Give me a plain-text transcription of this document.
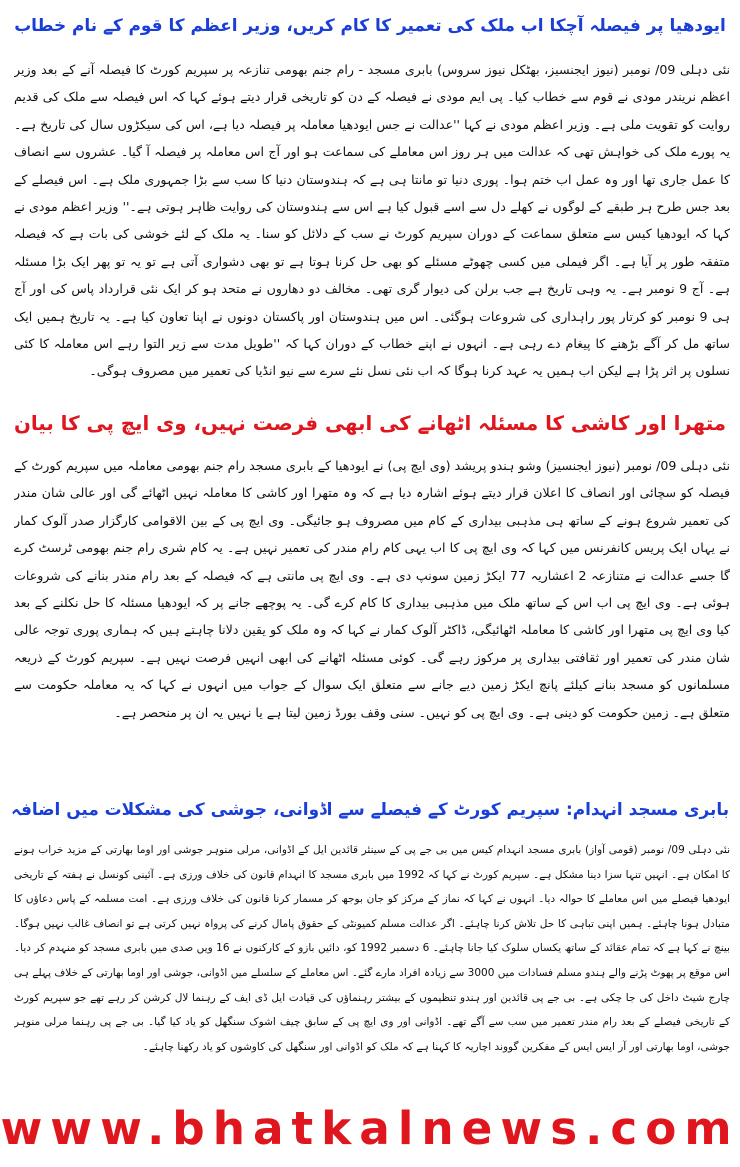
ایودھیا پر فیصلہ آچکا اب ملک کی تعمیر کا کام کریں، وزیر اعظم کا قوم کے نام خطاب

نئی دہلی 09/ نومبر (نیوز ایجنسیز، بھٹکل نیوز سروس) بابری مسجد - رام جنم بھومی تنازعہ پر سپریم کورٹ کا فیصلہ آنے کے بعد وزیر اعظم نریندر مودی نے قوم سے خطاب کیا۔ پی ایم مودی نے فیصلہ کے دن کو تاریخی قرار دیتے ہوئے کہا کہ اس فیصلہ سے ملک کی قدیم روایت کو تقویت ملی ہے۔ وزیر اعظم مودی نے کہا ''عدالت نے جس ایودھیا معاملہ پر فیصلہ دیا ہے، اس کی سیکڑوں سال کی تاریخ ہے۔ یہ پورے ملک کی خواہش تھی کہ عدالت میں ہر روز اس معاملے کی سماعت ہو اور آج اس معاملہ پر فیصلہ آ گیا۔ عشروں سے انصاف کا عمل جاری تھا اور وہ عمل اب ختم ہوا۔ پوری دنیا تو مانتا ہی ہے کہ ہندوستان دنیا کا سب سے بڑا جمہوری ملک ہے۔ اس فیصلے کے بعد جس طرح ہر طبقے کے لوگوں نے کھلے دل سے اسے قبول کیا ہے اس سے ہندوستان کی روایت ظاہر ہوتی ہے۔'' وزیر اعظم مودی نے کہا کہ ایودھیا کیس سے متعلق سماعت کے دوران سپریم کورٹ نے سب کے دلائل کو سنا۔ یہ ملک کے لئے خوشی کی بات ہے کہ فیصلہ متفقہ طور پر آیا ہے۔ اگر فیملی میں کسی چھوٹے مسئلے کو بھی حل کرنا ہوتا ہے تو بھی دشواری آتی ہے تو یہ تو پھر ایک بڑا مسئلہ ہے۔ آج 9 نومبر ہے۔ یہ وہی تاریخ ہے جب برلن کی دیوار گری تھی۔ مخالف دو دھاروں نے متحد ہو کر ایک نئی قرارداد پاس کی اور آج ہی 9 نومبر کو کرتار پور راہداری کی شروعات ہوگئی۔ اس میں ہندوستان اور پاکستان دونوں نے اپنا تعاون کیا ہے۔ یہ تاریخ ہمیں ایک ساتھ مل کر آگے بڑھنے کا پیغام دے رہی ہے۔ انہوں نے اپنے خطاب کے دوران کہا کہ ''طویل مدت سے زیر التوا رہے اس معاملہ کا کئی نسلوں پر اثر پڑا ہے لیکن اب ہمیں یہ عہد کرنا ہوگا کہ اب نئی نسل نئے سرے سے نیو انڈیا کی تعمیر میں مصروف ہوگی۔

متھرا اور کاشی کا مسئلہ اٹھانے کی ابھی فرصت نہیں، وی ایچ پی کا بیان

نئی دہلی 09/ نومبر (نیوز ایجنسیز) وشو ہندو پریشد (وی ایچ پی) نے ایودھیا کے بابری مسجد رام جنم بھومی معاملہ میں سپریم کورٹ کے فیصلہ کو سچائی اور انصاف کا اعلان قرار دیتے ہوئے اشارہ دیا ہے کہ وہ متھرا اور کاشی کا معاملہ نہیں اٹھائے گی اور عالی شان مندر کی تعمیر شروع ہونے کے ساتھ ہی مذہبی بیداری کے کام میں مصروف ہو جائیگی۔ وی ایچ پی کے بین الاقوامی کارگزار صدر آلوک کمار نے یہاں ایک پریس کانفرنس میں کہا کہ وی ایچ پی کا اب یہی کام رام مندر کی تعمیر نہیں ہے۔ یہ کام شری رام جنم بھومی ٹرسٹ کرے گا جسے عدالت نے متنازعہ 2 اعشاریہ 77 ایکڑ زمین سونپ دی ہے۔ وی ایچ پی مانتی ہے کہ فیصلہ کے بعد رام مندر بنانے کی شروعات ہوئی ہے۔ وی ایچ پی اب اس کے ساتھ ملک میں مذہبی بیداری کا کام کرے گی۔ یہ پوچھے جانے پر کہ ایودھیا مسئلہ کا حل نکلنے کے بعد کیا وی ایچ پی متھرا اور کاشی کا معاملہ اٹھائیگی، ڈاکٹر آلوک کمار نے کہا کہ وہ ملک کو یقین دلانا چاہتے ہیں کہ ہماری پوری توجہ عالی شان مندر کی تعمیر اور ثقافتی بیداری پر مرکوز رہے گی۔ کوئی مسئلہ اٹھانے کی ابھی انہیں فرصت نہیں ہے۔ سپریم کورٹ کے ذریعہ مسلمانوں کو مسجد بنانے کیلئے پانچ ایکڑ زمین دیے جانے سے متعلق ایک سوال کے جواب میں انہوں نے کہا کہ یہ معاملہ حکومت سے متعلق ہے۔ زمین حکومت کو دینی ہے۔ وی ایچ پی کو نہیں۔ سنی وقف بورڈ زمین لیتا ہے یا نہیں یہ ان پر منحصر ہے۔

بابری مسجد انہدام: سپریم کورٹ کے فیصلے سے اڈوانی، جوشی کی مشکلات میں اضافہ

نئی دہلی 09/ نومبر (قومی آواز) بابری مسجد انہدام کیس میں بی جے پی کے سینئر قائدین ایل کے اڈوانی، مرلی منوہر جوشی اور اوما بھارتی کے مزید خراب ہونے کا امکان ہے۔ انہیں تنہا سزا دینا مشکل ہے۔ سپریم کورٹ نے کہا کہ 1992 میں بابری مسجد کا انہدام قانون کی خلاف ورزی ہے۔ آئینی کونسل نے ہفتہ کے تاریخی ایودھیا فیصلے میں اس معاملے کا حوالہ دیا۔ انہوں نے کہا کہ نماز کے مرکز کو جان بوجھ کر مسمار کرنا قانون کی خلاف ورزی ہے۔ امت مسلمہ کے پاس دعاؤں کا متبادل ہونا چاہئے۔ ہمیں اپنی تباہی کا حل تلاش کرنا چاہئے۔ اگر عدالت مسلم کمیونٹی کے حقوق پامال کرنے کی پرواہ نہیں کرتی ہے تو انصاف غالب نہیں ہوگا۔ بینچ نے کہا ہے کہ تمام عقائد کے ساتھ یکساں سلوک کیا جانا چاہئے۔ 6 دسمبر 1992 کو، دائیں بازو کے کارکنوں نے 16 ویں صدی میں بابری مسجد کو منہدم کر دیا۔ اس موقع پر پھوٹ پڑنے والے ہندو مسلم فسادات میں 3000 سے زیادہ افراد مارے گئے۔ اس معاملے کے سلسلے میں اڈوانی، جوشی اور اوما بھارتی کے خلاف پہلے ہی چارج شیٹ داخل کی جا چکی ہے۔ بی جے پی قائدین اور ہندو تنظیموں کے بیشتر رہنماؤں کی قیادت ایل ڈی ایف کے رہنما لال کرشن کر رہے تھے جو سپریم کورٹ کے تاریخی فیصلے کے بعد رام مندر تعمیر میں سب سے آگے تھے۔ اڈوانی اور وی ایچ پی کے سابق چیف اشوک سنگھل کو یاد کیا گیا۔ بی جے پی رہنما مرلی منوہر جوشی، اوما بھارتی اور آر ایس ایس کے مفکرین گووند اچاریہ کا کہنا ہے کہ ملک کو اڈوانی اور سنگھل کی کاوشوں کو یاد رکھنا چاہئے۔

www.bhatkalnews.com
